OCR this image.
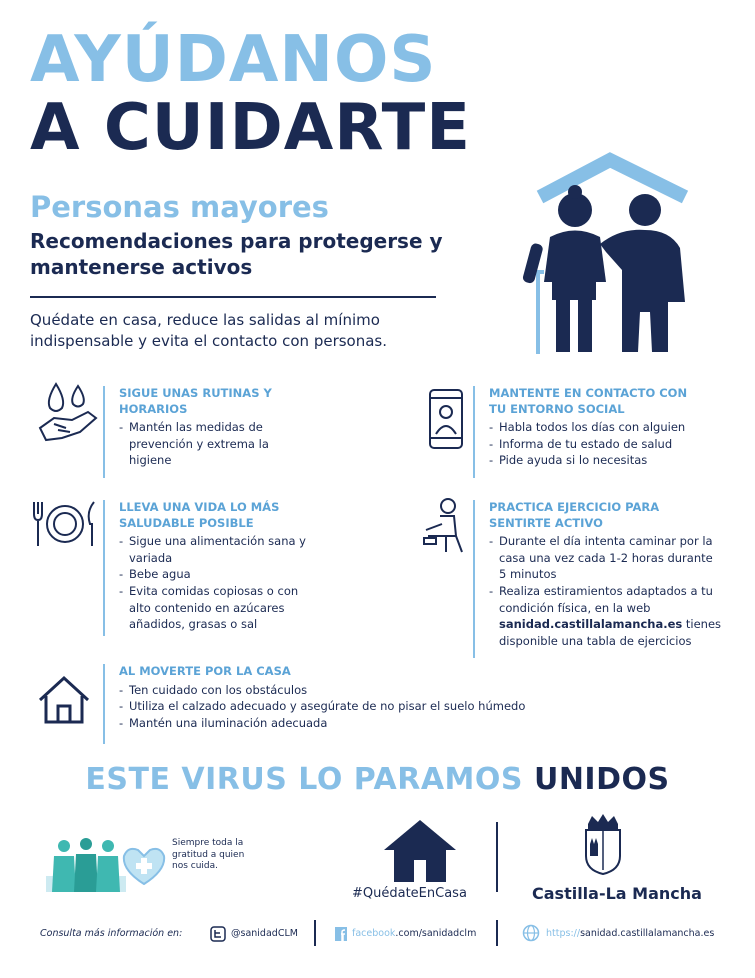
AYÚDANOS
A CUIDARTE
Personas mayores
Recomendaciones para protegerse y mantenerse activos
Quédate en casa, reduce las salidas al mínimo indispensable y evita el contacto con personas.
SIGUE UNAS RUTINAS Y HORARIOS
- Mantén las medidas de prevención y extrema la higiene
MANTENTE EN CONTACTO CON TU ENTORNO SOCIAL
- Habla todos los días con alguien
- Informa de tu estado de salud
- Pide ayuda si lo necesitas
LLEVA UNA VIDA LO MÁS SALUDABLE POSIBLE
- Sigue una alimentación sana y variada
- Bebe agua
- Evita comidas copiosas o con alto contenido en azúcares añadidos, grasas o sal
PRACTICA EJERCICIO PARA SENTIRTE ACTIVO
- Durante el día intenta caminar por la casa una vez cada 1-2 horas durante 5 minutos
- Realiza estiramientos adaptados a tu condición física, en la web sanidad.castillalamancha.es tienes disponible una tabla de ejercicios
AL MOVERTE POR LA CASA
- Ten cuidado con los obstáculos
- Utiliza el calzado adecuado y asegúrate de no pisar el suelo húmedo
- Mantén una iluminación adecuada
ESTE VIRUS LO PARAMOS UNIDOS
Siempre toda la gratitud a quien nos cuida.
#QuédateEnCasa	Castilla-La Mancha
Consulta más información en:	@sanidadCLM	facebook.com/sanidadclm	https://sanidad.castillalamancha.es
